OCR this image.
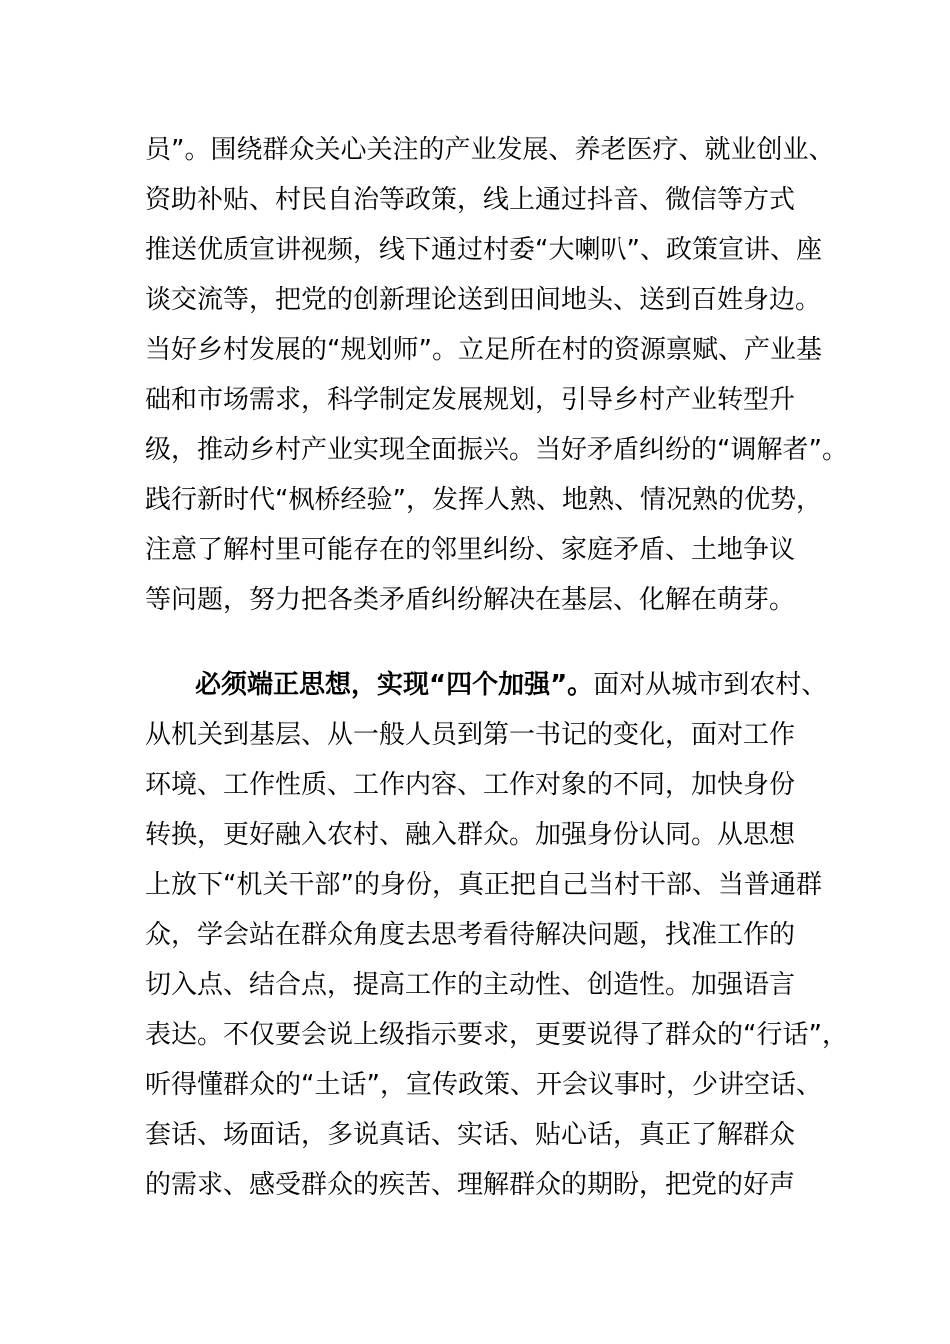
员”。围绕群众关心关注的产业发展、养老医疗、就业创业、
资助补贴、村民自治等政策，线上通过抖音、微信等方式
推送优质宣讲视频，线下通过村委“大喇叭”、政策宣讲、座
谈交流等，把党的创新理论送到田间地头、送到百姓身边。
当好乡村发展的“规划师”。立足所在村的资源禀赋、产业基
础和市场需求，科学制定发展规划，引导乡村产业转型升
级，推动乡村产业实现全面振兴。当好矛盾纠纷的“调解者”。
践行新时代“枫桥经验”，发挥人熟、地熟、情况熟的优势，
注意了解村里可能存在的邻里纠纷、家庭矛盾、土地争议
等问题，努力把各类矛盾纠纷解决在基层、化解在萌芽。
必须端正思想，实现“四个加强”。面对从城市到农村、
从机关到基层、从一般人员到第一书记的变化，面对工作
环境、工作性质、工作内容、工作对象的不同，加快身份
转换，更好融入农村、融入群众。加强身份认同。从思想
上放下“机关干部”的身份，真正把自己当村干部、当普通群
众，学会站在群众角度去思考看待解决问题，找准工作的
切入点、结合点，提高工作的主动性、创造性。加强语言
表达。不仅要会说上级指示要求，更要说得了群众的“行话”，
听得懂群众的“土话”，宣传政策、开会议事时，少讲空话、
套话、场面话，多说真话、实话、贴心话，真正了解群众
的需求、感受群众的疾苦、理解群众的期盼，把党的好声
